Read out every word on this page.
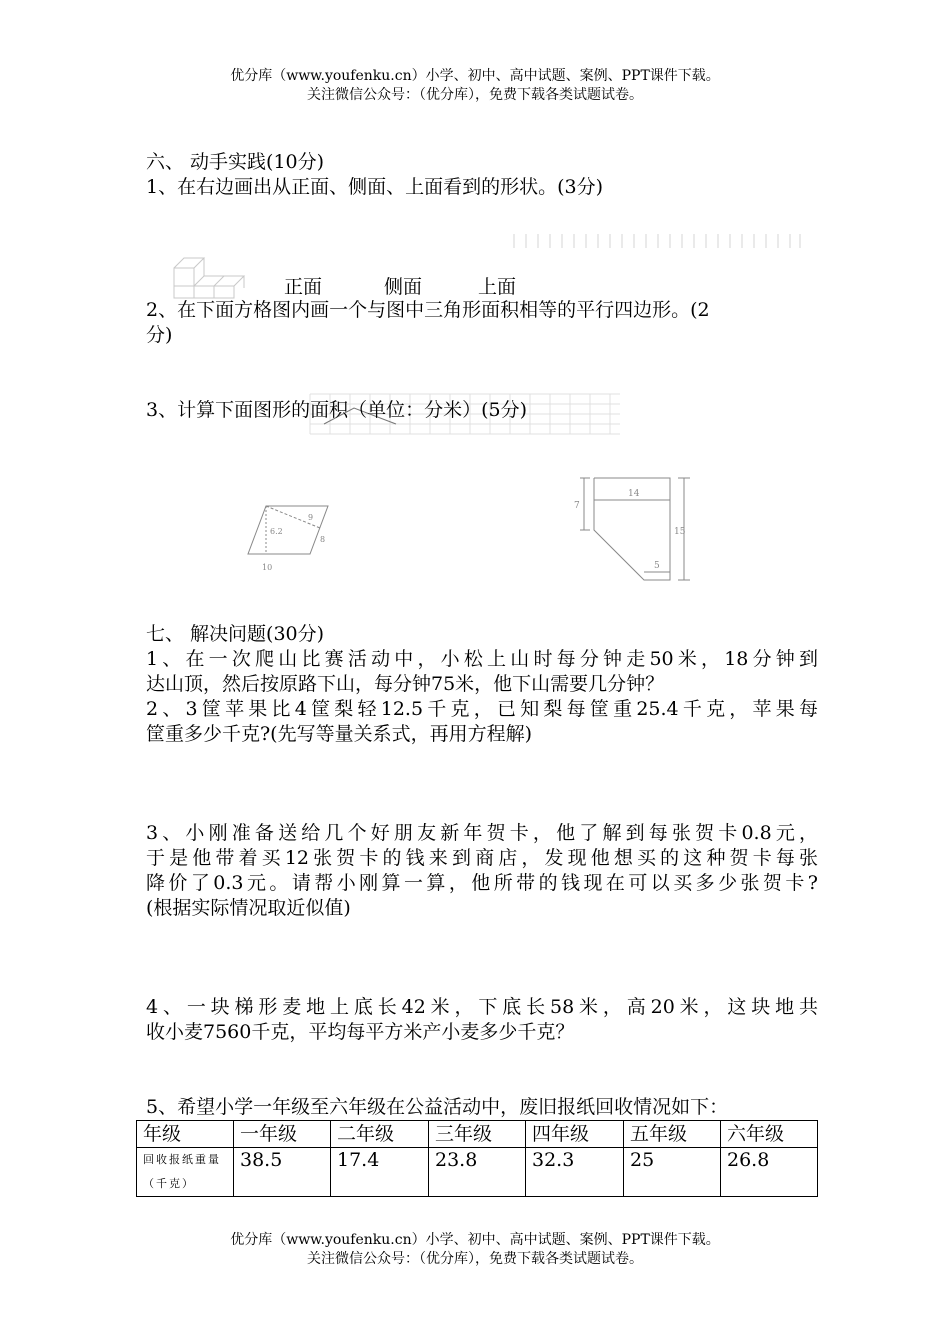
优分库（www.youfenku.cn）小学、初中、高中试题、案例、PPT课件下载。
关注微信公众号：（优分库），免费下载各类试题试卷。
六、 动手实践(10分)
1、在右边画出从正面、侧面、上面看到的形状。(3分)
正面	侧面	上面
2、在下面方格图内画一个与图中三角形面积相等的平行四边形。(2
分)
3、计算下面图形的面积（单位：分米）(5分)
6.2
9
8
10
14
7
15
5
七、 解决问题(30分)
1、在一次爬山比赛活动中，小松上山时每分钟走50米，18分钟到
达山顶，然后按原路下山，每分钟75米，他下山需要几分钟？
2、3筐苹果比4筐梨轻12.5千克，已知梨每筐重25.4千克，苹果每
筐重多少千克?(先写等量关系式，再用方程解)
3、小刚准备送给几个好朋友新年贺卡，他了解到每张贺卡0.8元，
于是他带着买12张贺卡的钱来到商店，发现他想买的这种贺卡每张
降价了0.3元。请帮小刚算一算，他所带的钱现在可以买多少张贺卡?
(根据实际情况取近似值)
4、一块梯形麦地上底长42米，下底长58米，高20米，这块地共
收小麦7560千克，平均每平方米产小麦多少千克？
5、希望小学一年级至六年级在公益活动中，废旧报纸回收情况如下：
年级	一年级	二年级	三年级	四年级	五年级	六年级
回收报纸重量（千克）	38.5	17.4	23.8	32.3	25	26.8
优分库（www.youfenku.cn）小学、初中、高中试题、案例、PPT课件下载。
关注微信公众号：（优分库），免费下载各类试题试卷。
